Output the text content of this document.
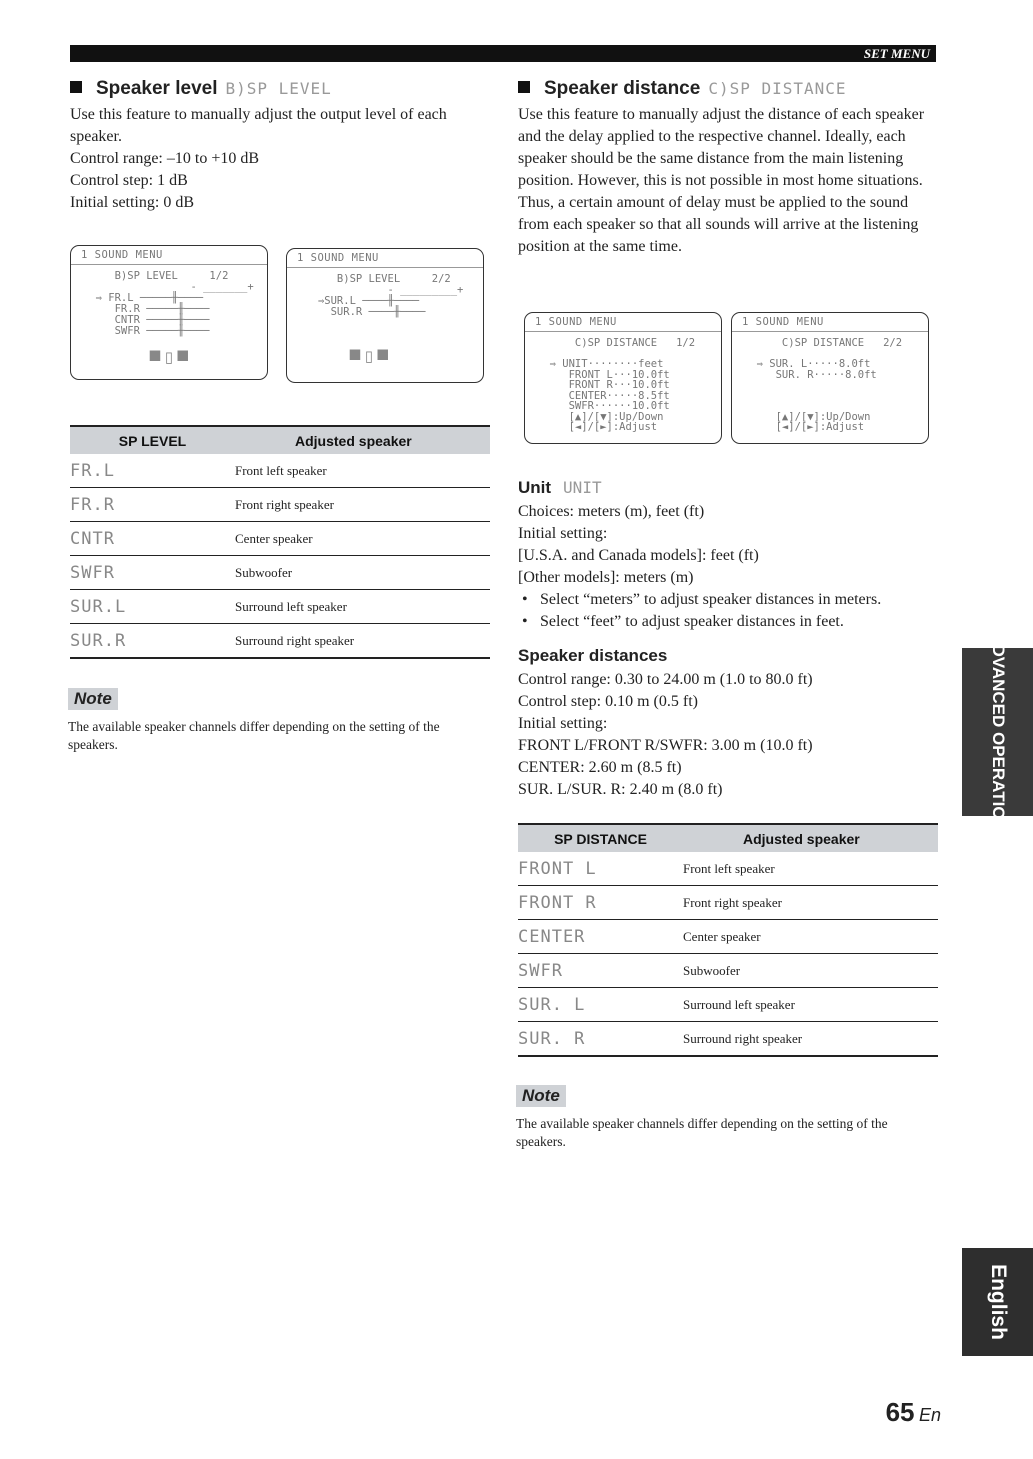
SET MENU
Speaker level B)SP LEVEL

Use this feature to manually adjust the output level of each speaker.

Control range: –10 to +10 dB

Control step: 1 dB

Initial setting: 0 dB

1 SOUND MENU
B)SP LEVEL     1/2
- _______+
⇒ FR.L ─────╫────
FR.R ─────╫────
CNTR ─────╫────
SWFR ─────╫────
⯀ ▯ ⯀
1 SOUND MENU
B)SP LEVEL     2/2
- _________+
⇒SUR.L ────╫────
SUR.R ────╫────
⯀ ▯ ⯀
SP LEVEL	Adjusted speaker
FR.L	Front left speaker
FR.R	Front right speaker
CNTR	Center speaker
SWFR	Subwoofer
SUR.L	Surround left speaker
SUR.R	Surround right speaker
Note

The available speaker channels differ depending on the setting of the speakers.

Speaker distance C)SP DISTANCE

Use this feature to manually adjust the distance of each speaker and the delay applied to the respective channel. Ideally, each speaker should be the same distance from the main listening position. However, this is not possible in most home situations. Thus, a certain amount of delay must be applied to the sound from each speaker so that all sounds will arrive at the listening position at the same time.

1 SOUND MENU
C)SP DISTANCE   1/2

⇒ UNIT········feet
FRONT L···10.0ft
FRONT R···10.0ft
CENTER·····8.5ft
SWFR······10.0ft
[▲]/[▼]:Up/Down
[◄]/[►]:Adjust
1 SOUND MENU
C)SP DISTANCE   2/2

⇒ SUR. L·····8.0ft
SUR. R·····8.0ft

[▲]/[▼]:Up/Down
[◄]/[►]:Adjust
Unit UNIT

Choices: meters (m), feet (ft)

Initial setting:

[U.S.A. and Canada models]: feet (ft)

[Other models]: meters (m)

• Select “meters” to adjust speaker distances in meters.
• Select “feet” to adjust speaker distances in feet.
Speaker distances

Control range: 0.30 to 24.00 m (1.0 to 80.0 ft)

Control step: 0.10 m (0.5 ft)

Initial setting:

FRONT L/FRONT R/SWFR: 3.00 m (10.0 ft)

CENTER: 2.60 m (8.5 ft)

SUR. L/SUR. R: 2.40 m (8.0 ft)

SP DISTANCE	Adjusted speaker
FRONT L	Front left speaker
FRONT R	Front right speaker
CENTER	Center speaker
SWFR	Subwoofer
SUR. L	Surround left speaker
SUR. R	Surround right speaker
Note

The available speaker channels differ depending on the setting of the speakers.

ADVANCED OPERATION
English
65 En
